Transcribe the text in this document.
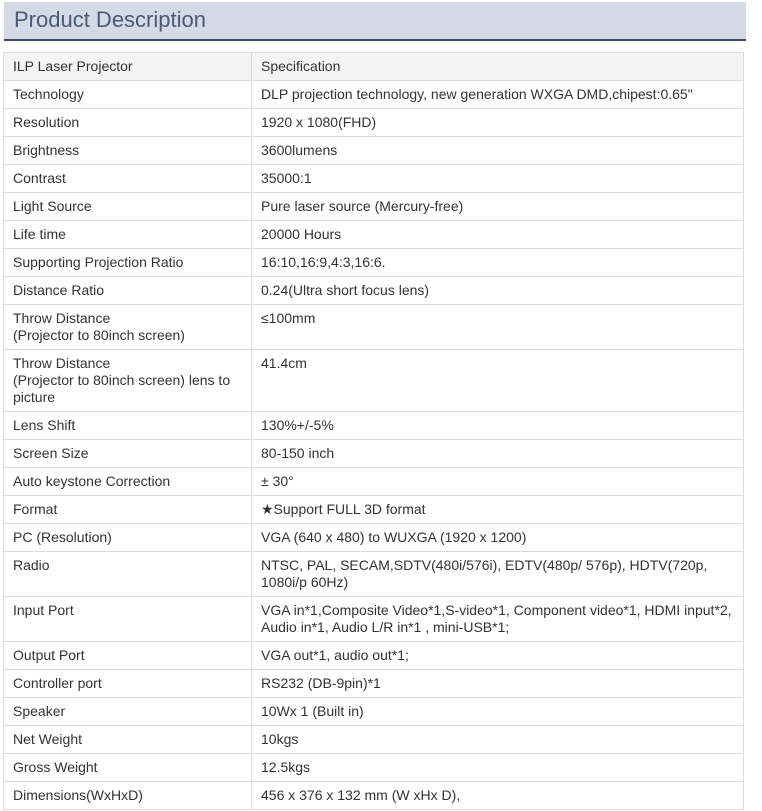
Product Description
ILP Laser Projector	Specification
Technology	DLP projection technology, new generation WXGA DMD,chipest:0.65"
Resolution	1920 x 1080(FHD)
Brightness	3600lumens
Contrast	35000:1
Light Source	Pure laser source (Mercury-free)
Life time	20000 Hours
Supporting Projection Ratio	16:10,16:9,4:3,16:6.
Distance Ratio	0.24(Ultra short focus lens)
Throw Distance
(Projector to 80inch screen)	≤100mm
Throw Distance
(Projector to 80inch screen) lens to picture	41.4cm
Lens Shift	130%+/-5%
Screen Size	80-150 inch
Auto keystone Correction	± 30°
Format	★Support FULL 3D format
PC (Resolution)	VGA (640 x 480) to WUXGA (1920 x 1200)
Radio	NTSC, PAL, SECAM,SDTV(480i/576i), EDTV(480p/ 576p), HDTV(720p, 1080i/p 60Hz)
Input Port	VGA in*1,Composite Video*1,S-video*1, Component video*1, HDMI input*2, Audio in*1, Audio L/R in*1 , mini-USB*1;
Output Port	VGA out*1, audio out*1;
Controller port	RS232 (DB-9pin)*1
Speaker	10Wx 1 (Built in)
Net Weight	10kgs
Gross Weight	12.5kgs
Dimensions(WxHxD)	456 x 376 x 132 mm (W xHx D),
